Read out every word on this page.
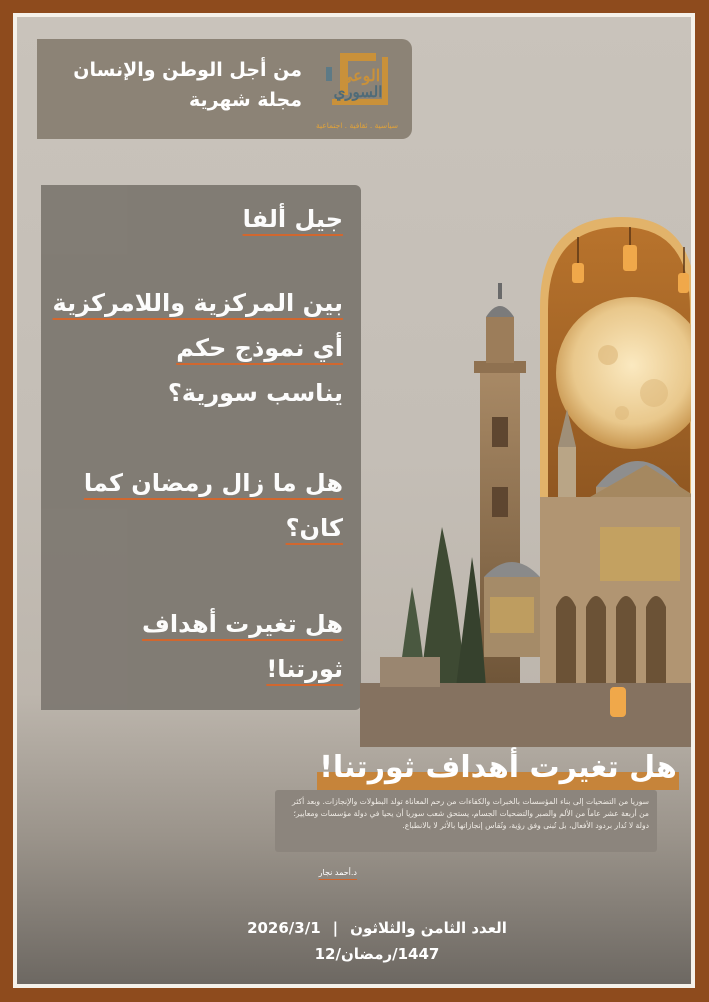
من أجل الوطن والإنسان
مجلة شهرية
الوعي
السوري
سياسية . ثقافية . اجتماعية
جيل ألفا
بين المركزية واللامركزية
أي نموذج حكم
يناسب سورية؟
هل ما زال رمضان كما
كان؟
هل تغيرت أهداف
ثورتنا!
هل تغيرت أهداف ثورتنا!
سوريا من التضحيات إلى بناء المؤسسات بالخبرات والكفاءات من رحم المعاناة تولد البطولات والإنجازات. وبعد أكثر من أربعة عشر عاماً من الألم والصبر والتضحيات الجسام، يستحق شعب سوريا أن يحيا في دولة مؤسسات ومعايير؛ دولة لا تُدار بردود الأفعال، بل تُبنى وفق رؤية، وتُقاس إنجازاتها بالأثر لا بالانطباع.
د.أحمد نجار
العدد الثامن والثلاثون
|
2026/3/1
1447/رمضان/12
